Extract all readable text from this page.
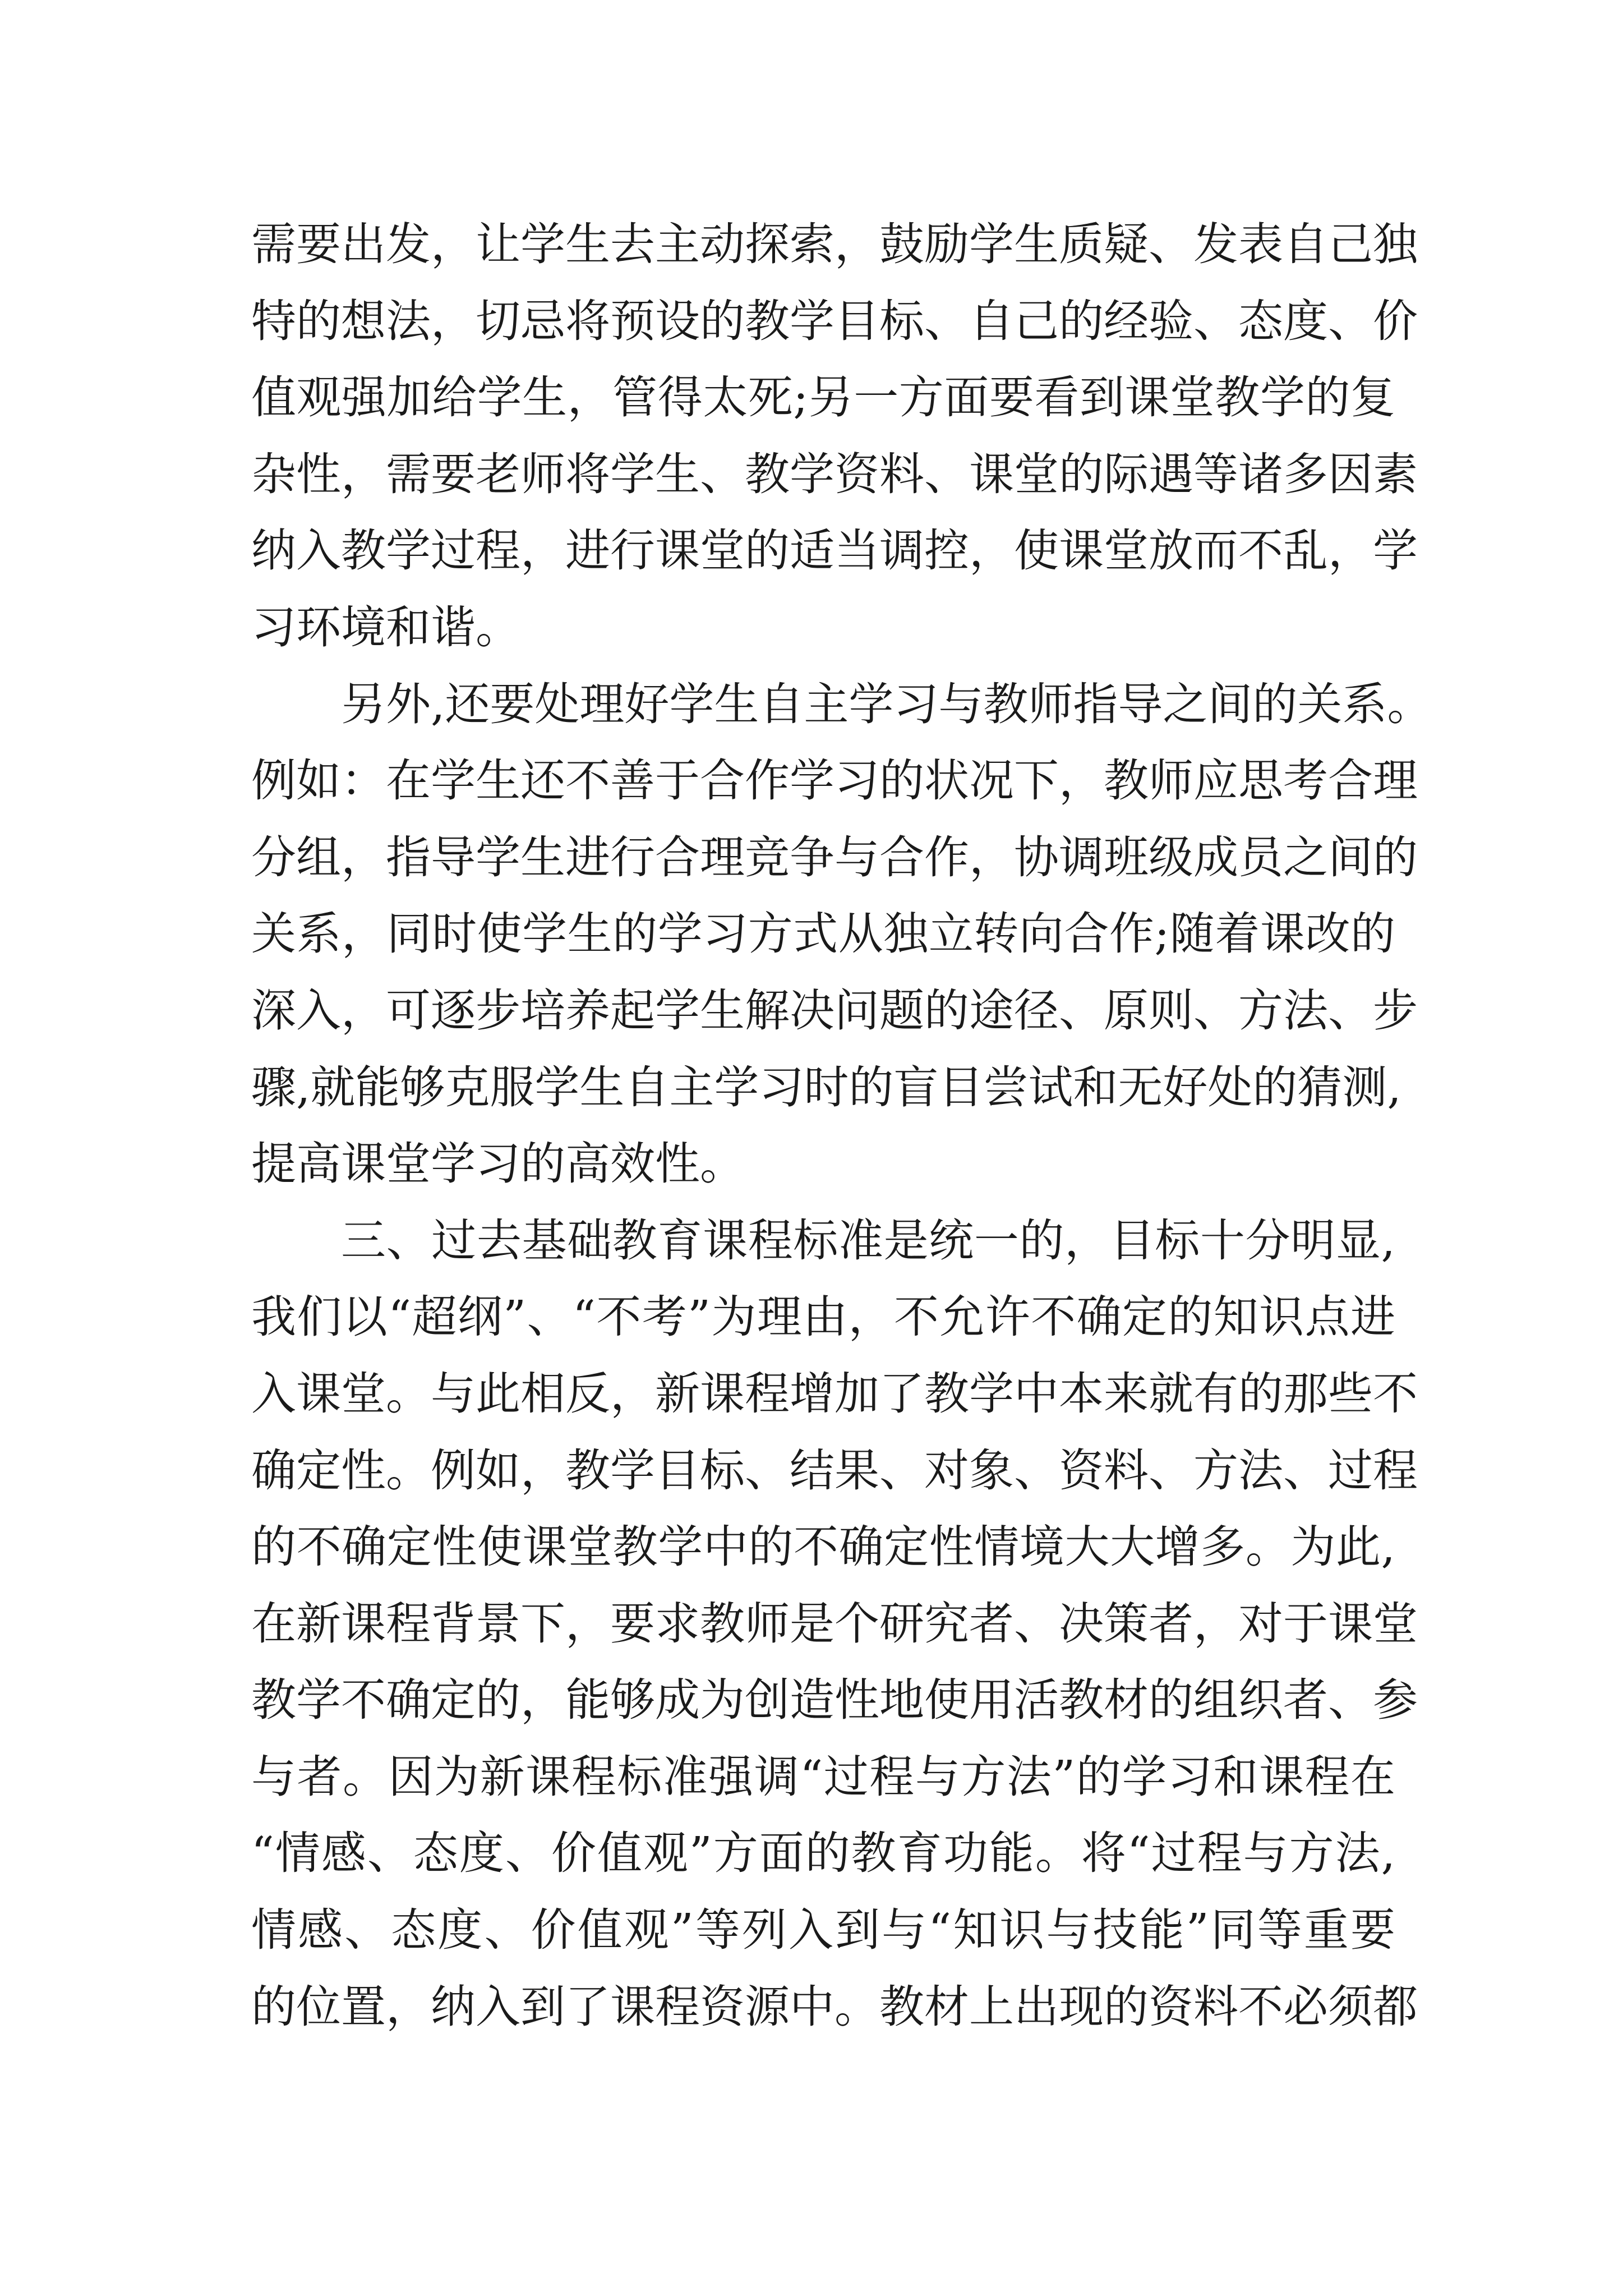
需要出发，让学生去主动探索，鼓励学生质疑、发表自己独
特的想法，切忌将预设的教学目标、自己的经验、态度、价
值观强加给学生，管得太死;另一方面要看到课堂教学的复
杂性，需要老师将学生、教学资料、课堂的际遇等诸多因素
纳入教学过程，进行课堂的适当调控，使课堂放而不乱，学
习环境和谐。
另外,还要处理好学生自主学习与教师指导之间的关系。
例如：在学生还不善于合作学习的状况下，教师应思考合理
分组，指导学生进行合理竞争与合作，协调班级成员之间的
关系，同时使学生的学习方式从独立转向合作;随着课改的
深入，可逐步培养起学生解决问题的途径、原则、方法、步
骤,就能够克服学生自主学习时的盲目尝试和无好处的猜测,
提高课堂学习的高效性。
三、过去基础教育课程标准是统一的，目标十分明显,
我们以“超纲”、“不考”为理由，不允许不确定的知识点进
入课堂。与此相反，新课程增加了教学中本来就有的那些不
确定性。例如，教学目标、结果、对象、资料、方法、过程
的不确定性使课堂教学中的不确定性情境大大增多。为此,
在新课程背景下，要求教师是个研究者、决策者，对于课堂
教学不确定的，能够成为创造性地使用活教材的组织者、参
与者。因为新课程标准强调“过程与方法”的学习和课程在
“情感、态度、价值观”方面的教育功能。将“过程与方法,
情感、态度、价值观”等列入到与“知识与技能”同等重要
的位置，纳入到了课程资源中。教材上出现的资料不必须都
